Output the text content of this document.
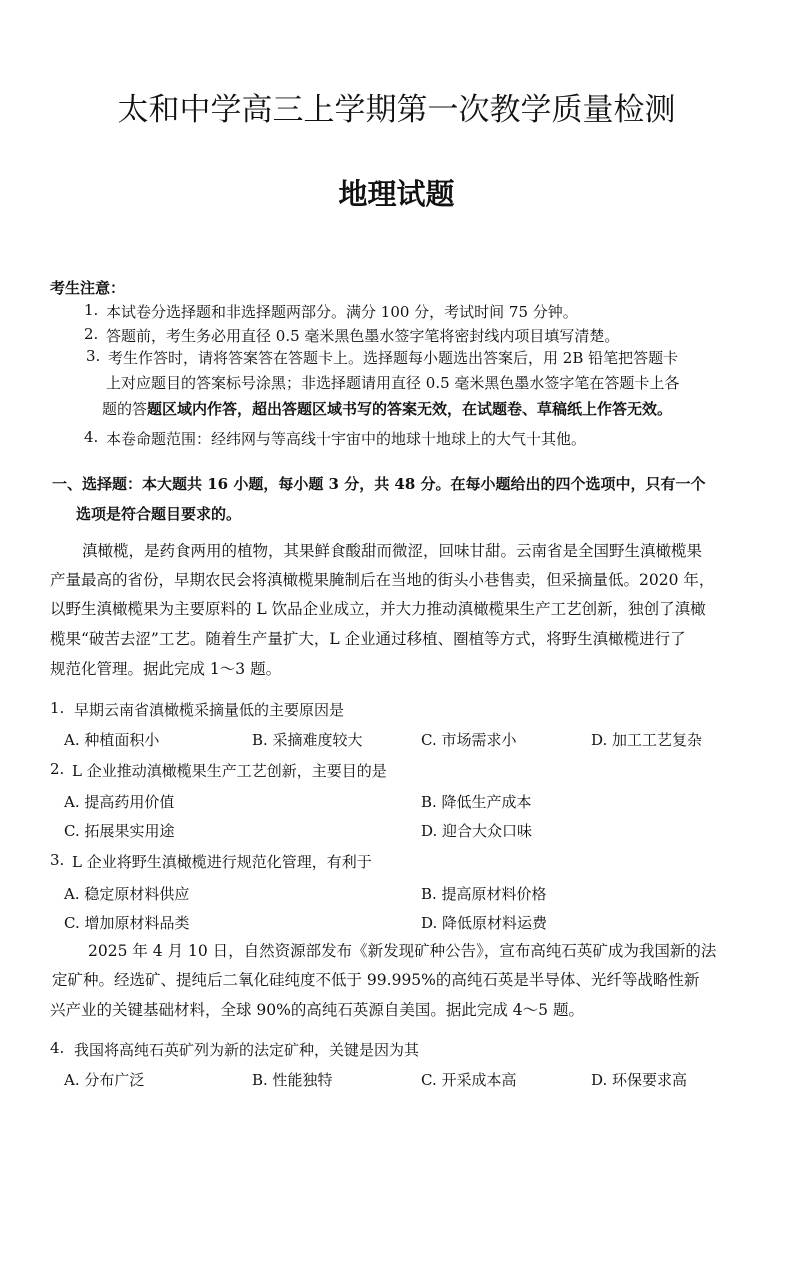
太和中学高三上学期第一次教学质量检测
地理试题
考生注意：
1. 本试卷分选择题和非选择题两部分。满分 100 分，考试时间 75 分钟。
2. 答题前，考生务必用直径 0.5 毫米黑色墨水签字笔将密封线内项目填写清楚。
3. 考生作答时，请将答案答在答题卡上。选择题每小题选出答案后，用 2B 铅笔把答题卡
上对应题目的答案标号涂黑；非选择题请用直径 0.5 毫米黑色墨水签字笔在答题卡上各
题的答题区域内作答，超出答题区域书写的答案无效，在试题卷、草稿纸上作答无效。
4. 本卷命题范围：经纬网与等高线十宇宙中的地球十地球上的大气十其他。
一、选择题：本大题共 16 小题，每小题 3 分，共 48 分。在每小题给出的四个选项中，只有一个
选项是符合题目要求的。
滇橄榄，是药食两用的植物，其果鲜食酸甜而微涩，回味甘甜。云南省是全国野生滇橄榄果
产量最高的省份，早期农民会将滇橄榄果腌制后在当地的街头小巷售卖，但采摘量低。2020 年，
以野生滇橄榄果为主要原料的 L 饮品企业成立，并大力推动滇橄榄果生产工艺创新，独创了滇橄
榄果“破苦去涩”工艺。随着生产量扩大，L 企业通过移植、圈植等方式，将野生滇橄榄进行了
规范化管理。据此完成 1～3 题。
1. 早期云南省滇橄榄采摘量低的主要原因是
A. 种植面积小	B. 采摘难度较大	C. 市场需求小	D. 加工工艺复杂
2. L 企业推动滇橄榄果生产工艺创新，主要目的是
A. 提高药用价值	B. 降低生产成本
C. 拓展果实用途	D. 迎合大众口味
3. L 企业将野生滇橄榄进行规范化管理，有利于
A. 稳定原材料供应	B. 提高原材料价格
C. 增加原材料品类	D. 降低原材料运费
2025 年 4 月 10 日，自然资源部发布《新发现矿种公告》，宣布高纯石英矿成为我国新的法
定矿种。经选矿、提纯后二氧化硅纯度不低于 99.995%的高纯石英是半导体、光纤等战略性新
兴产业的关键基础材料，全球 90%的高纯石英源自美国。据此完成 4～5 题。
4. 我国将高纯石英矿列为新的法定矿种，关键是因为其
A. 分布广泛	B. 性能独特	C. 开采成本高	D. 环保要求高
